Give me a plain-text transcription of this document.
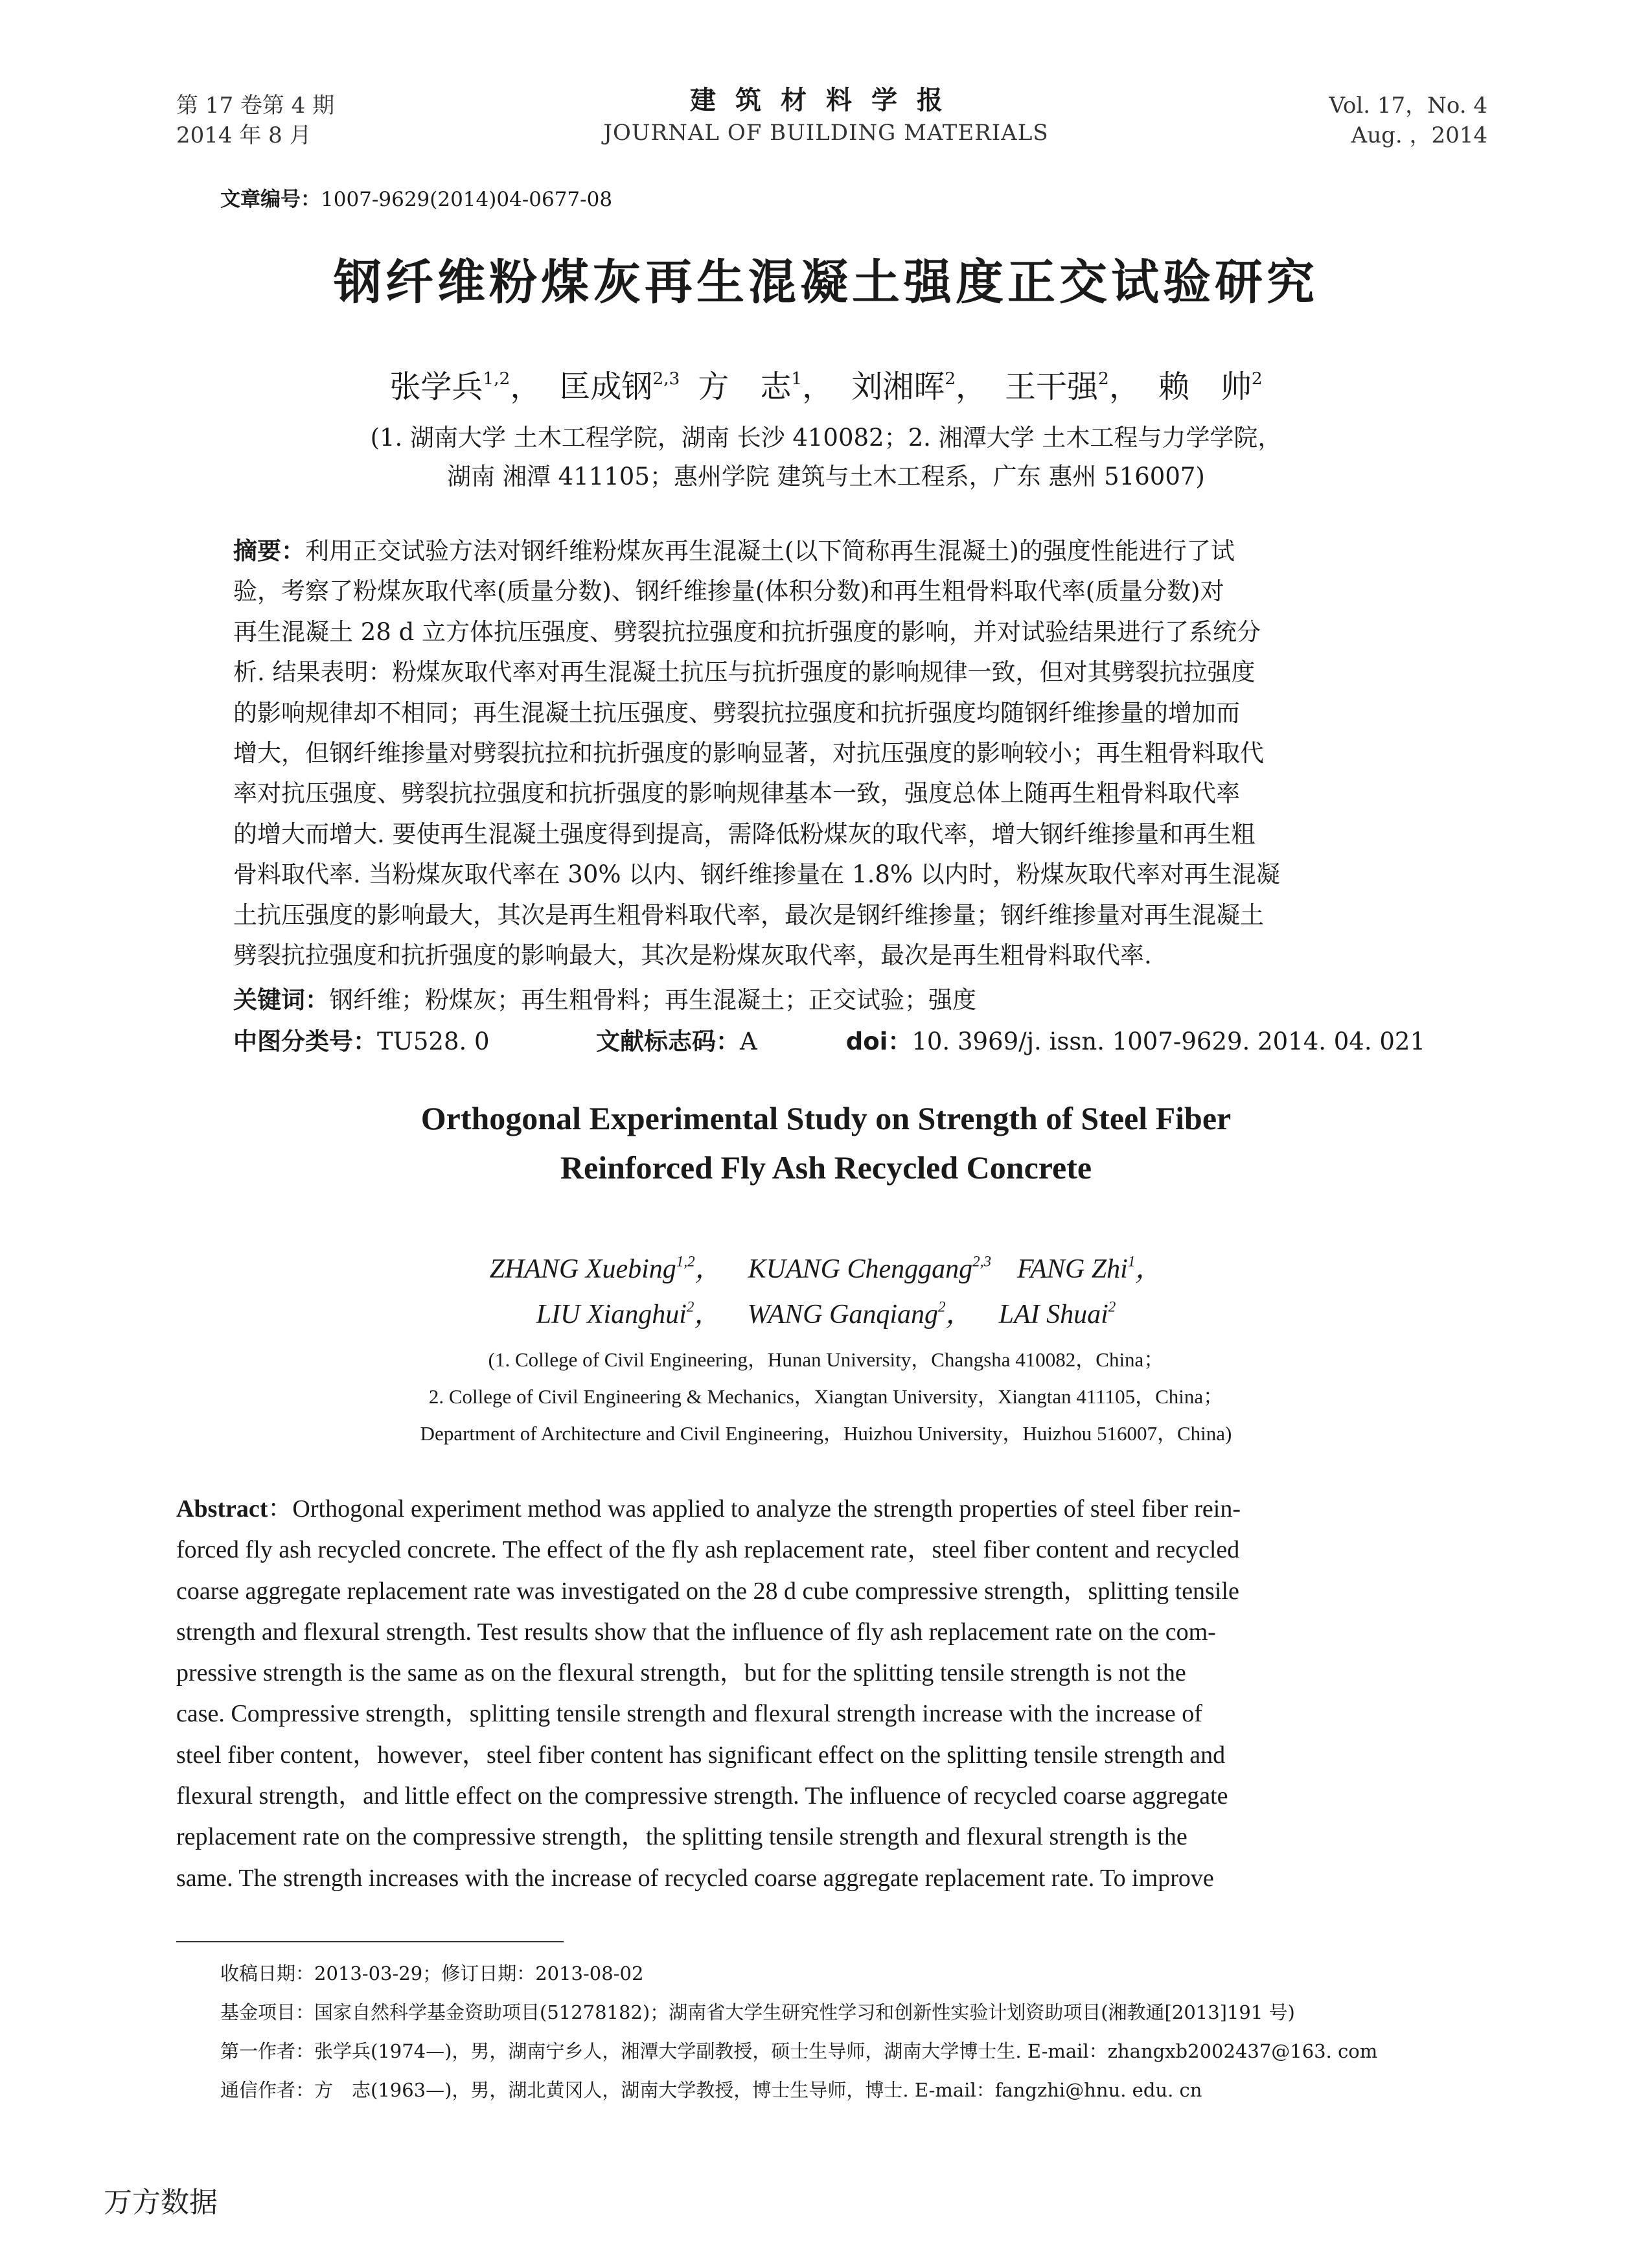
第 17 卷第 4 期
2014 年 8 月
建筑材料学报
JOURNAL OF BUILDING MATERIALS
Vol. 17，No. 4
Aug. ，2014
文章编号：1007-9629(2014)04-0677-08
钢纤维粉煤灰再生混凝土强度正交试验研究
张学兵$^{1,2}$， 匡成钢$^{2,3}$ 方　志$^1$， 刘湘晖$^2$， 王干强$^2$， 赖　帅$^2$
(1. 湖南大学 土木工程学院，湖南 长沙 410082；2. 湘潭大学 土木工程与力学学院，
湖南 湘潭 411105；惠州学院 建筑与土木工程系，广东 惠州 516007)
摘要：利用正交试验方法对钢纤维粉煤灰再生混凝土(以下简称再生混凝土)的强度性能进行了试
验，考察了粉煤灰取代率(质量分数)、钢纤维掺量(体积分数)和再生粗骨料取代率(质量分数)对
再生混凝土 28 d 立方体抗压强度、劈裂抗拉强度和抗折强度的影响，并对试验结果进行了系统分
析. 结果表明：粉煤灰取代率对再生混凝土抗压与抗折强度的影响规律一致，但对其劈裂抗拉强度
的影响规律却不相同；再生混凝土抗压强度、劈裂抗拉强度和抗折强度均随钢纤维掺量的增加而
增大，但钢纤维掺量对劈裂抗拉和抗折强度的影响显著，对抗压强度的影响较小；再生粗骨料取代
率对抗压强度、劈裂抗拉强度和抗折强度的影响规律基本一致，强度总体上随再生粗骨料取代率
的增大而增大. 要使再生混凝土强度得到提高，需降低粉煤灰的取代率，增大钢纤维掺量和再生粗
骨料取代率. 当粉煤灰取代率在 30% 以内、钢纤维掺量在 1.8% 以内时，粉煤灰取代率对再生混凝
土抗压强度的影响最大，其次是再生粗骨料取代率，最次是钢纤维掺量；钢纤维掺量对再生混凝土
劈裂抗拉强度和抗折强度的影响最大，其次是粉煤灰取代率，最次是再生粗骨料取代率.
关键词：钢纤维；粉煤灰；再生粗骨料；再生混凝土；正交试验；强度
中图分类号：TU528. 0	文献标志码：A	doi：10. 3969/j. issn. 1007-9629. 2014. 04. 021
Orthogonal Experimental Study on Strength of Steel Fiber
Reinforced Fly Ash Recycled Concrete
ZHANG Xuebing$^{1,2}$， KUANG Chenggang$^{2,3}$ FANG Zhi$^1$，
LIU Xianghui$^2$， WANG Ganqiang$^2$， LAI Shuai$^2$
(1. College of Civil Engineering，Hunan University，Changsha 410082，China；
2. College of Civil Engineering & Mechanics，Xiangtan University，Xiangtan 411105，China；
Department of Architecture and Civil Engineering，Huizhou University，Huizhou 516007，China)
Abstract：Orthogonal experiment method was applied to analyze the strength properties of steel fiber rein-
forced fly ash recycled concrete. The effect of the fly ash replacement rate，steel fiber content and recycled
coarse aggregate replacement rate was investigated on the 28 d cube compressive strength，splitting tensile
strength and flexural strength. Test results show that the influence of fly ash replacement rate on the com-
pressive strength is the same as on the flexural strength，but for the splitting tensile strength is not the
case. Compressive strength，splitting tensile strength and flexural strength increase with the increase of
steel fiber content，however，steel fiber content has significant effect on the splitting tensile strength and
flexural strength，and little effect on the compressive strength. The influence of recycled coarse aggregate
replacement rate on the compressive strength，the splitting tensile strength and flexural strength is the
same. The strength increases with the increase of recycled coarse aggregate replacement rate. To improve
收稿日期：2013-03-29；修订日期：2013-08-02
基金项目：国家自然科学基金资助项目(51278182)；湖南省大学生研究性学习和创新性实验计划资助项目(湘教通[2013]191 号)
第一作者：张学兵(1974—)，男，湖南宁乡人，湘潭大学副教授，硕士生导师，湖南大学博士生. E-mail：zhangxb2002437@163. com
通信作者：方　志(1963—)，男，湖北黄冈人，湖南大学教授，博士生导师，博士. E-mail：fangzhi@hnu. edu. cn
万方数据
